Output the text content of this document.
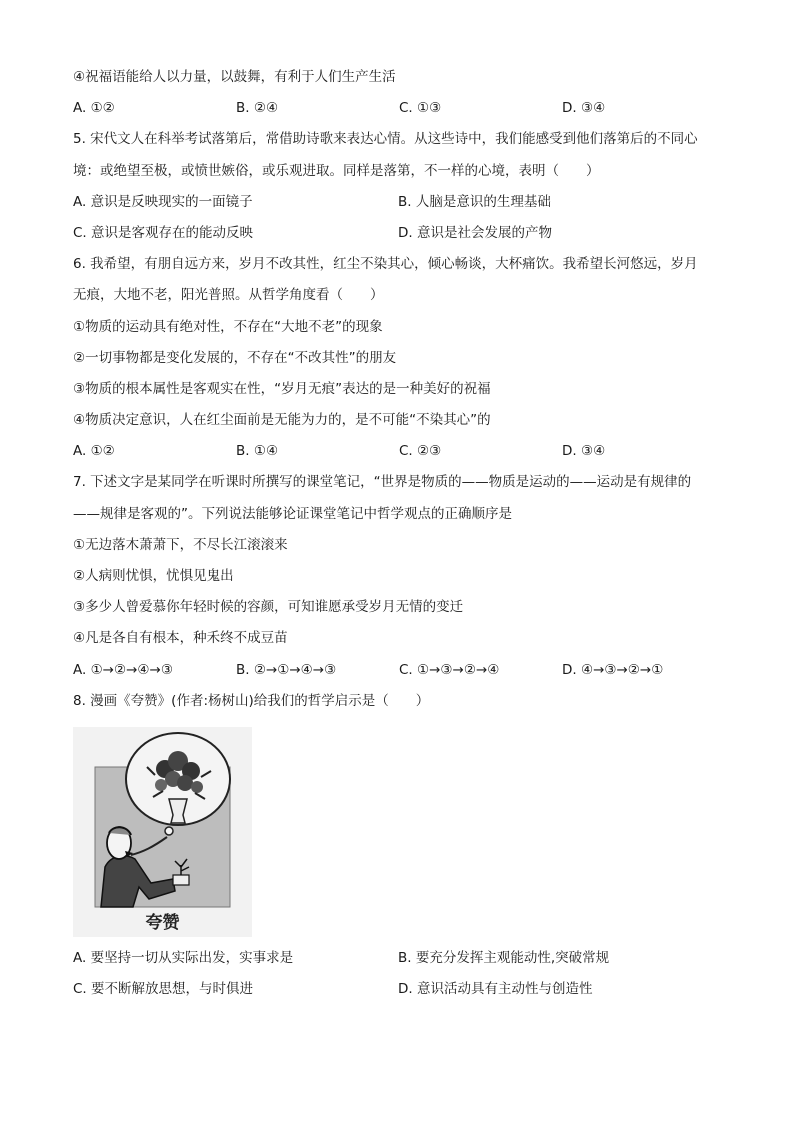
④祝福语能给人以力量，以鼓舞，有利于人们生产生活
A. ①②	B. ②④	C. ①③	D. ③④
5. 宋代文人在科举考试落第后，常借助诗歌来表达心情。从这些诗中，我们能感受到他们落第后的不同心
境：或绝望至极，或愤世嫉俗，或乐观进取。同样是落第，不一样的心境，表明（　　）
A. 意识是反映现实的一面镜子	B. 人脑是意识的生理基础
C. 意识是客观存在的能动反映	D. 意识是社会发展的产物
6. 我希望，有朋自远方来，岁月不改其性，红尘不染其心，倾心畅谈，大杯痛饮。我希望长河悠远，岁月
无痕，大地不老，阳光普照。从哲学角度看（　　）
①物质的运动具有绝对性，不存在“大地不老”的现象
②一切事物都是变化发展的，不存在“不改其性”的朋友
③物质的根本属性是客观实在性，“岁月无痕”表达的是一种美好的祝福
④物质决定意识，人在红尘面前是无能为力的，是不可能“不染其心”的
A. ①②	B. ①④	C. ②③	D. ③④
7. 下述文字是某同学在听课时所撰写的课堂笔记，“世界是物质的——物质是运动的——运动是有规律的
——规律是客观的”。下列说法能够论证课堂笔记中哲学观点的正确顺序是
①无边落木萧萧下，不尽长江滚滚来
②人病则忧惧，忧惧见鬼出
③多少人曾爱慕你年轻时候的容颜，可知谁愿承受岁月无情的变迁
④凡是各自有根本，种禾终不成豆苗
A. ①→②→④→③	B. ②→①→④→③	C. ①→③→②→④	D. ④→③→②→①
8. 漫画《夸赞》(作者:杨树山)给我们的哲学启示是（　　）
夸赞
A. 要坚持一切从实际出发，实事求是	B. 要充分发挥主观能动性,突破常规
C. 要不断解放思想，与时俱进	D. 意识活动具有主动性与创造性
